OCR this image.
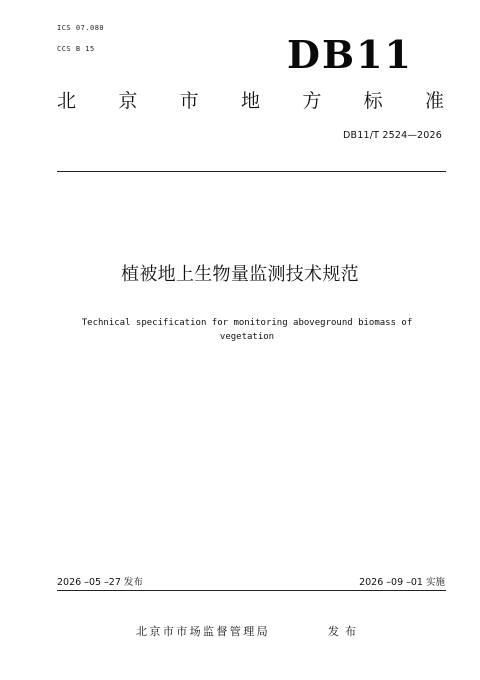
ICS 07.080
CCS B 15	DB11
北 京 市 地 方 标 准
DB11/T 2524—2026
植被地上生物量监测技术规范
Technical specification for monitoring aboveground biomass of vegetation
2026 –05 –27 发布	2026 –09 –01 实施
北京市市场监督管理局	发布
